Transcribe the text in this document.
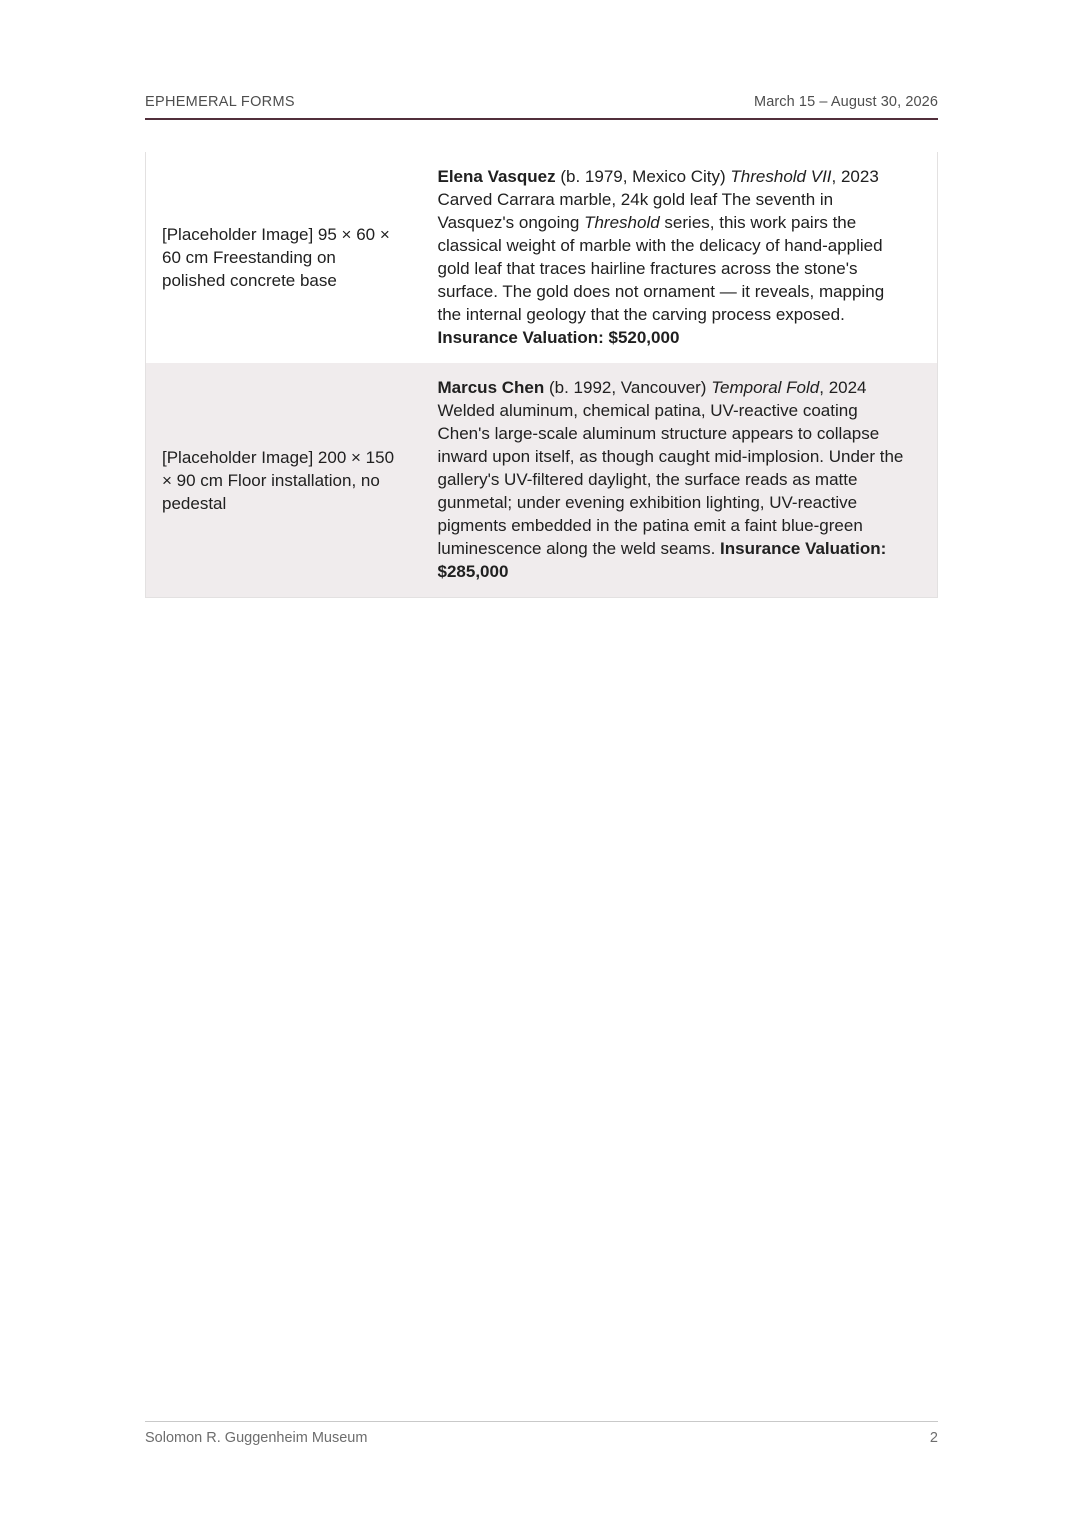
EPHEMERAL FORMS	March 15 – August 30, 2026
[Placeholder Image] 95 × 60 × 60 cm Freestanding on polished concrete base	Elena Vasquez (b. 1979, Mexico City) Threshold VII, 2023 Carved Carrara marble, 24k gold leaf The seventh in Vasquez's ongoing Threshold series, this work pairs the classical weight of marble with the delicacy of hand-applied gold leaf that traces hairline fractures across the stone's surface. The gold does not ornament — it reveals, mapping the internal geology that the carving process exposed. Insurance Valuation: $520,000
[Placeholder Image] 200 × 150 × 90 cm Floor installation, no pedestal	Marcus Chen (b. 1992, Vancouver) Temporal Fold, 2024 Welded aluminum, chemical patina, UV-reactive coating Chen's large-scale aluminum structure appears to collapse inward upon itself, as though caught mid-implosion. Under the gallery's UV-filtered daylight, the surface reads as matte gunmetal; under evening exhibition lighting, UV-reactive pigments embedded in the patina emit a faint blue-green luminescence along the weld seams. Insurance Valuation: $285,000
Solomon R. Guggenheim Museum	2
